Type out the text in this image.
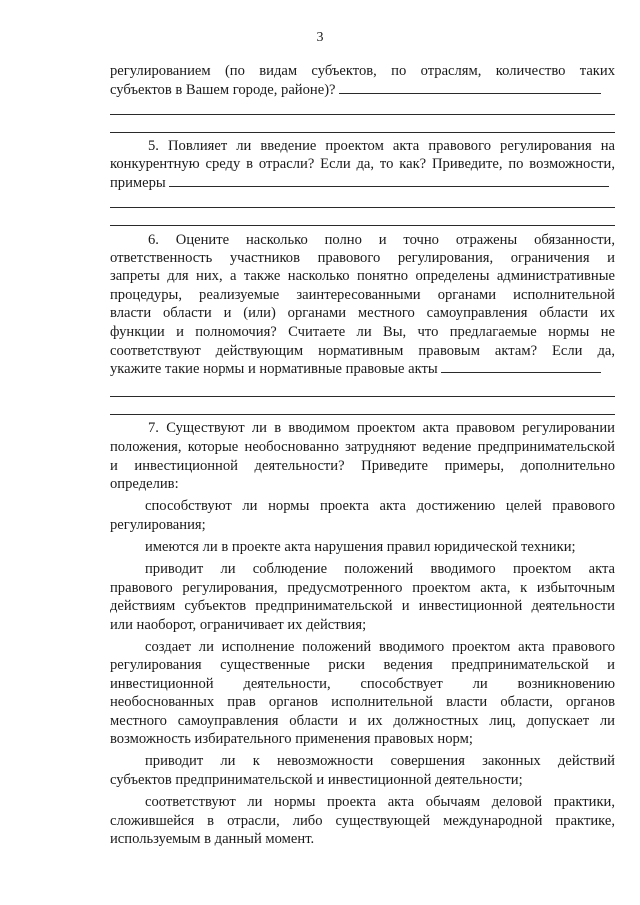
3
регулированием (по видам субъектов, по отраслям, количество таких
субъектов в Вашем городе, районе)?
5. Повлияет ли введение проектом акта правового регулирования на
конкурентную среду в отрасли? Если да, то как? Приведите, по возможности,
примеры
6. Оцените насколько полно и точно отражены обязанности,
ответственность участников правового регулирования, ограничения и
запреты для них, а также насколько понятно определены административные
процедуры, реализуемые заинтересованными органами исполнительной
власти области и (или) органами местного самоуправления области их
функции и полномочия? Считаете ли Вы, что предлагаемые нормы не
соответствуют действующим нормативным правовым актам? Если да,
укажите такие нормы и нормативные правовые акты
7. Существуют ли в вводимом проектом акта правовом регулировании
положения, которые необоснованно затрудняют ведение предпринимательской
и инвестиционной деятельности? Приведите примеры, дополнительно
определив:
способствуют ли нормы проекта акта достижению целей правового
регулирования;
имеются ли в проекте акта нарушения правил юридической техники;
приводит ли соблюдение положений вводимого проектом акта
правового регулирования, предусмотренного проектом акта, к избыточным
действиям субъектов предпринимательской и инвестиционной деятельности
или наоборот, ограничивает их действия;
создает ли исполнение положений вводимого проектом акта правового
регулирования существенные риски ведения предпринимательской и
инвестиционной деятельности, способствует ли возникновению
необоснованных прав органов исполнительной власти области, органов
местного самоуправления области и их должностных лиц, допускает ли
возможность избирательного применения правовых норм;
приводит ли к невозможности совершения законных действий
субъектов предпринимательской и инвестиционной деятельности;
соответствуют ли нормы проекта акта обычаям деловой практики,
сложившейся в отрасли, либо существующей международной практике,
используемым в данный момент.
